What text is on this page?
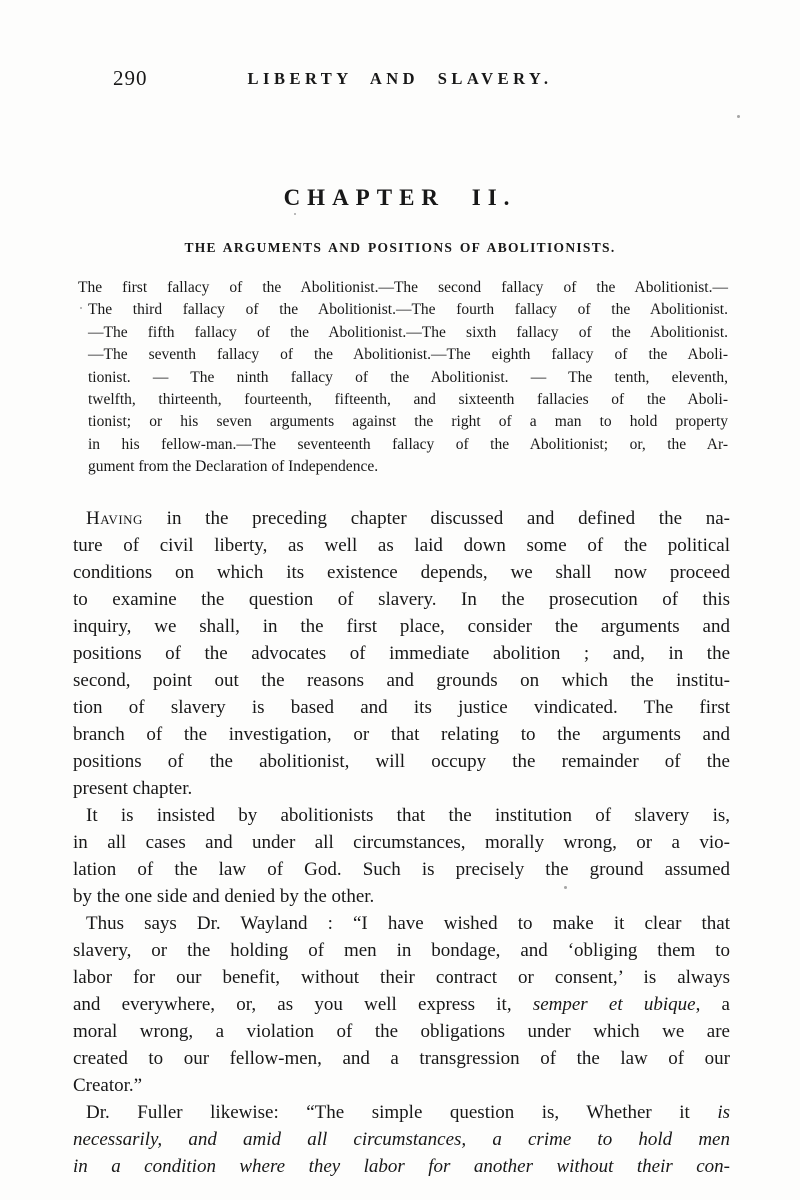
290	LIBERTY AND SLAVERY.
CHAPTER II.
THE ARGUMENTS AND POSITIONS OF ABOLITIONISTS.
The first fallacy of the Abolitionist.—The second fallacy of the Abolitionist.—
The third fallacy of the Abolitionist.—The fourth fallacy of the Abolitionist.
—The fifth fallacy of the Abolitionist.—The sixth fallacy of the Abolitionist.
—The seventh fallacy of the Abolitionist.—The eighth fallacy of the Aboli-
tionist. — The ninth fallacy of the Abolitionist. — The tenth, eleventh,
twelfth, thirteenth, fourteenth, fifteenth, and sixteenth fallacies of the Aboli-
tionist; or his seven arguments against the right of a man to hold property
in his fellow-man.—The seventeenth fallacy of the Abolitionist; or, the Ar-
gument from the Declaration of Independence.
Having in the preceding chapter discussed and defined the na-
ture of civil liberty, as well as laid down some of the political
conditions on which its existence depends, we shall now proceed
to examine the question of slavery. In the prosecution of this
inquiry, we shall, in the first place, consider the arguments and
positions of the advocates of immediate abolition ; and, in the
second, point out the reasons and grounds on which the institu-
tion of slavery is based and its justice vindicated. The first
branch of the investigation, or that relating to the arguments and
positions of the abolitionist, will occupy the remainder of the
present chapter.
It is insisted by abolitionists that the institution of slavery is,
in all cases and under all circumstances, morally wrong, or a vio-
lation of the law of God. Such is precisely the ground assumed
by the one side and denied by the other.
Thus says Dr. Wayland : “I have wished to make it clear that
slavery, or the holding of men in bondage, and ‘obliging them to
labor for our benefit, without their contract or consent,’ is always
and everywhere, or, as you well express it, semper et ubique, a
moral wrong, a violation of the obligations under which we are
created to our fellow-men, and a transgression of the law of our
Creator.”
Dr. Fuller likewise: “The simple question is, Whether it is
necessarily, and amid all circumstances, a crime to hold men
in a condition where they labor for another without their con-
